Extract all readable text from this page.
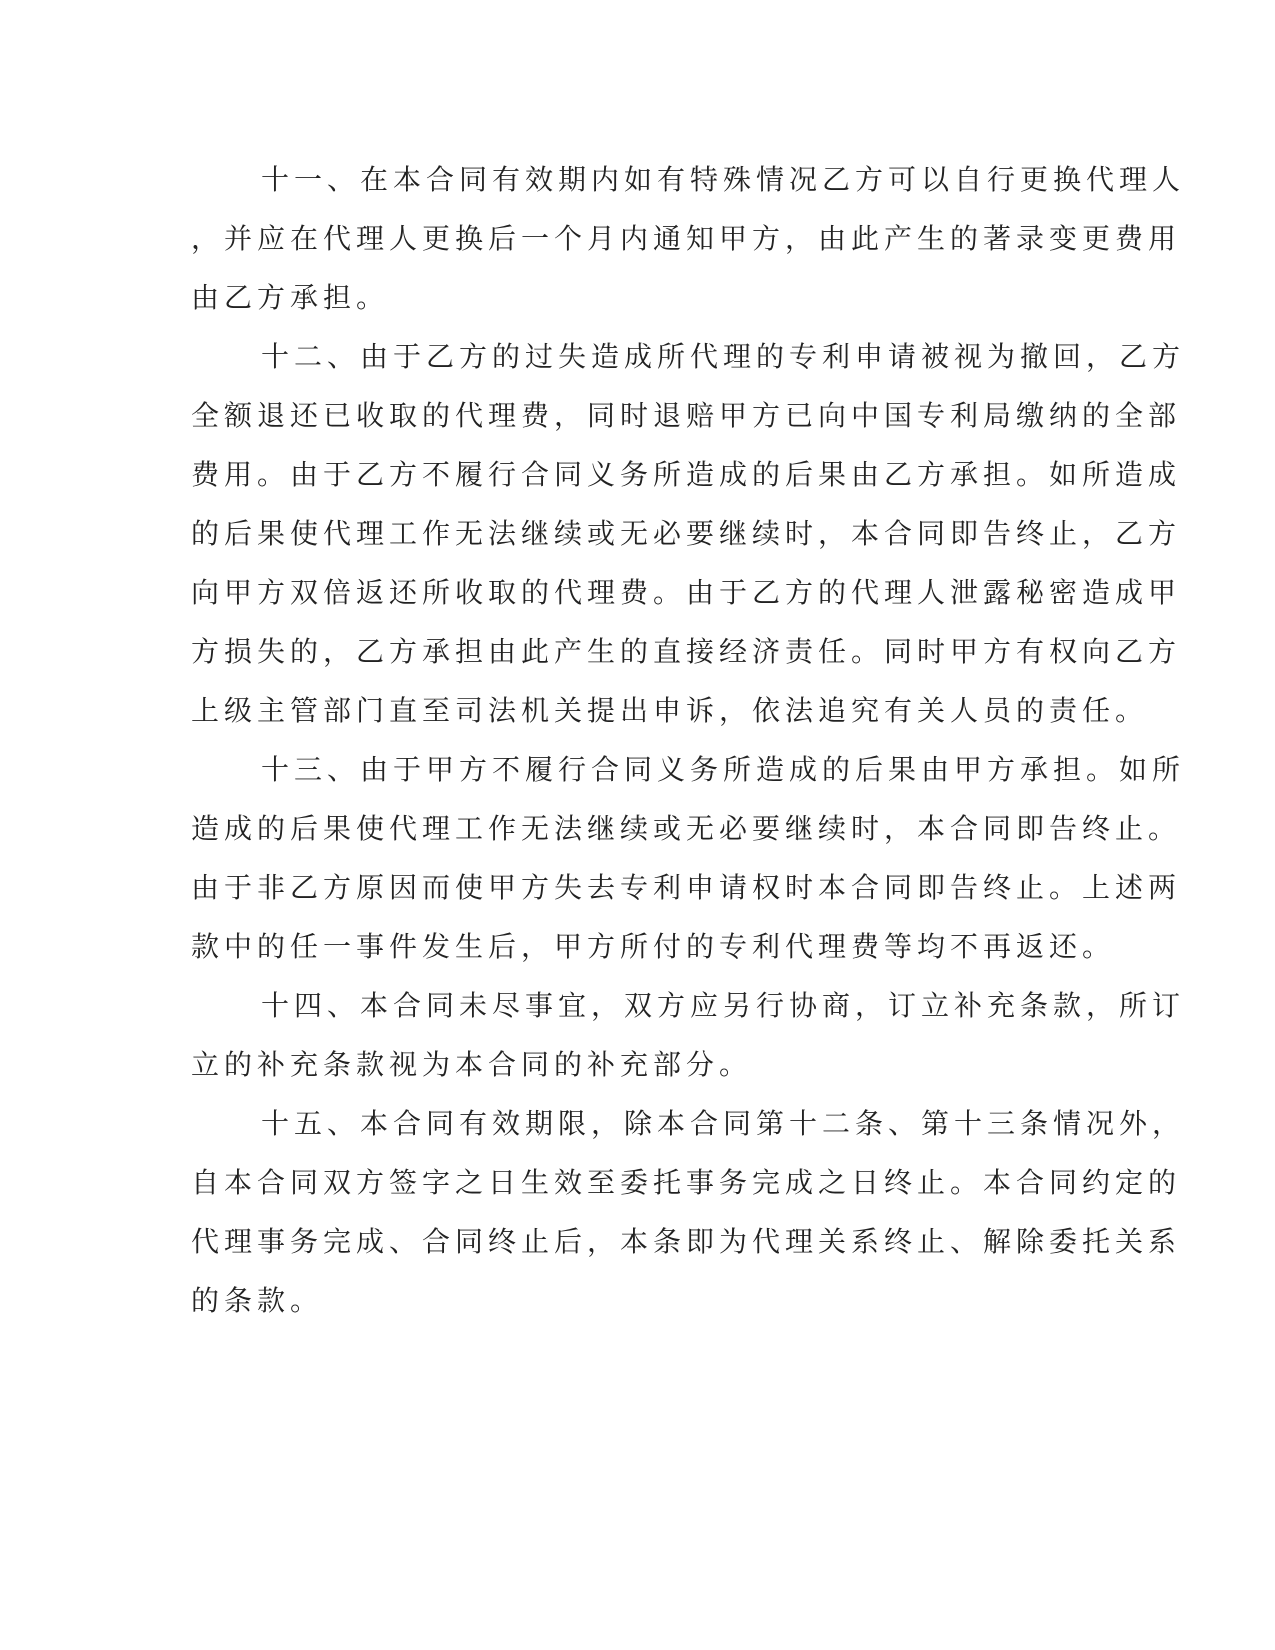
十一、在本合同有效期内如有特殊情况乙方可以自行更换代理人
，并应在代理人更换后一个月内通知甲方，由此产生的著录变更费用
由乙方承担。
十二、由于乙方的过失造成所代理的专利申请被视为撤回，乙方
全额退还已收取的代理费，同时退赔甲方已向中国专利局缴纳的全部
费用。由于乙方不履行合同义务所造成的后果由乙方承担。如所造成
的后果使代理工作无法继续或无必要继续时，本合同即告终止，乙方
向甲方双倍返还所收取的代理费。由于乙方的代理人泄露秘密造成甲
方损失的，乙方承担由此产生的直接经济责任。同时甲方有权向乙方
上级主管部门直至司法机关提出申诉，依法追究有关人员的责任。
十三、由于甲方不履行合同义务所造成的后果由甲方承担。如所
造成的后果使代理工作无法继续或无必要继续时，本合同即告终止。
由于非乙方原因而使甲方失去专利申请权时本合同即告终止。上述两
款中的任一事件发生后，甲方所付的专利代理费等均不再返还。
十四、本合同未尽事宜，双方应另行协商，订立补充条款，所订
立的补充条款视为本合同的补充部分。
十五、本合同有效期限，除本合同第十二条、第十三条情况外，
自本合同双方签字之日生效至委托事务完成之日终止。本合同约定的
代理事务完成、合同终止后，本条即为代理关系终止、解除委托关系
的条款。
